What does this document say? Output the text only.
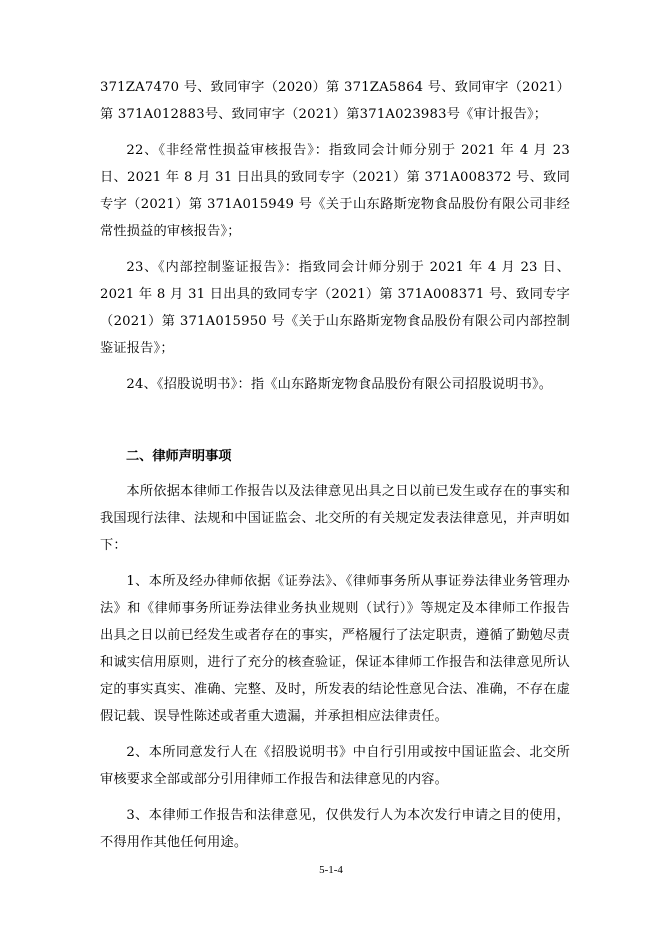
371ZA7470 号、致同审字（2020）第 371ZA5864 号、致同审字（2021）第 371A012883号、致同审字（2021）第371A023983号《审计报告》；

22、《非经常性损益审核报告》：指致同会计师分别于 2021 年 4 月 23 日、2021 年 8 月 31 日出具的致同专字（2021）第 371A008372 号、致同专字（2021）第 371A015949 号《关于山东路斯宠物食品股份有限公司非经常性损益的审核报告》；

23、《内部控制鉴证报告》：指致同会计师分别于 2021 年 4 月 23 日、2021 年 8 月 31 日出具的致同专字（2021）第 371A008371 号、致同专字（2021）第 371A015950 号《关于山东路斯宠物食品股份有限公司内部控制鉴证报告》；

24、《招股说明书》：指《山东路斯宠物食品股份有限公司招股说明书》。

二、律师声明事项

本所依据本律师工作报告以及法律意见出具之日以前已发生或存在的事实和我国现行法律、法规和中国证监会、北交所的有关规定发表法律意见，并声明如下：

1、本所及经办律师依据《证券法》、《律师事务所从事证券法律业务管理办法》和《律师事务所证券法律业务执业规则（试行）》等规定及本律师工作报告出具之日以前已经发生或者存在的事实，严格履行了法定职责，遵循了勤勉尽责和诚实信用原则，进行了充分的核查验证，保证本律师工作报告和法律意见所认定的事实真实、准确、完整、及时，所发表的结论性意见合法、准确，不存在虚假记载、误导性陈述或者重大遗漏，并承担相应法律责任。

2、本所同意发行人在《招股说明书》中自行引用或按中国证监会、北交所审核要求全部或部分引用律师工作报告和法律意见的内容。

3、本律师工作报告和法律意见，仅供发行人为本次发行申请之目的使用，不得用作其他任何用途。

5-1-4
